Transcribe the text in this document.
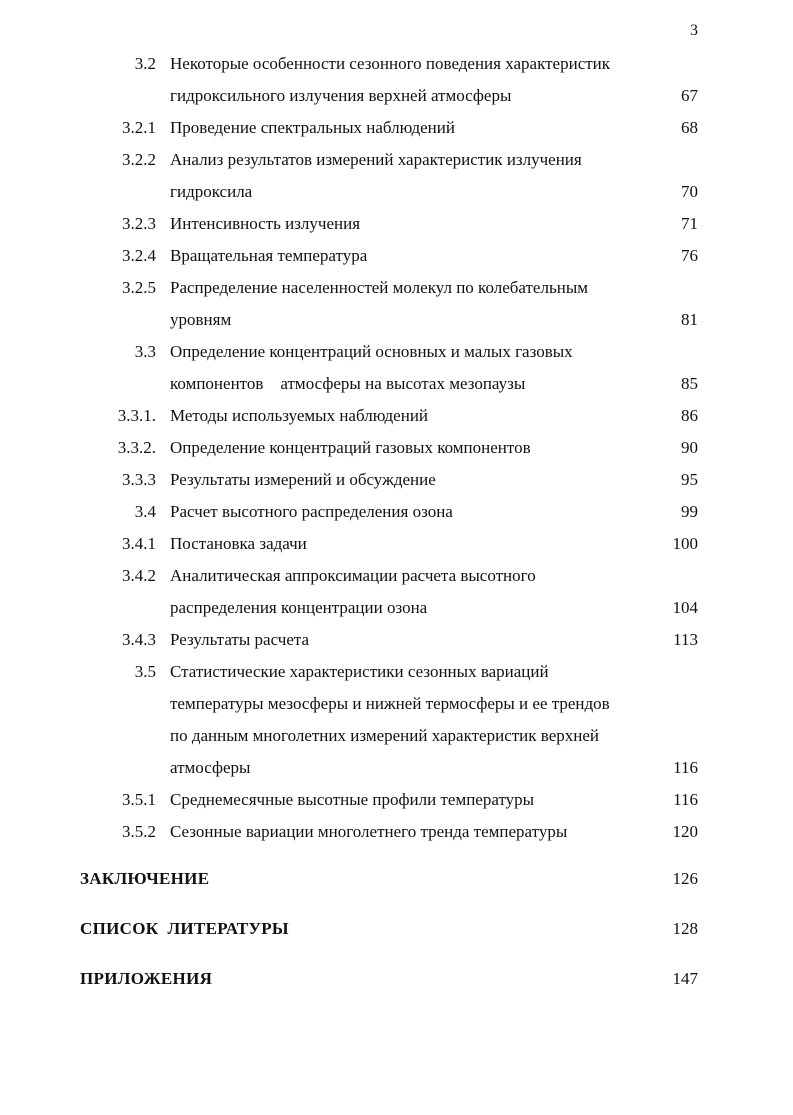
3
3.2 Некоторые особенности сезонного поведения характеристик
гидроксильного излучения верхней атмосферы	67
3.2.1 Проведение спектральных наблюдений	68
3.2.2 Анализ результатов измерений характеристик излучения
гидроксила	70
3.2.3 Интенсивность излучения	71
3.2.4 Вращательная температура	76
3.2.5 Распределение населенностей молекул по колебательным
уровням	81
3.3 Определение концентраций основных и малых газовых
компонентов    атмосферы на высотах мезопаузы	85
3.3.1. Методы используемых наблюдений	86
3.3.2. Определение концентраций газовых компонентов	90
3.3.3 Результаты измерений и обсуждение	95
3.4 Расчет высотного распределения озона	99
3.4.1 Постановка задачи	100
3.4.2 Аналитическая аппроксимации расчета высотного
распределения концентрации озона	104
3.4.3 Результаты расчета	113
3.5 Статистические характеристики сезонных вариаций
температуры мезосферы и нижней термосферы и ее трендов
по данным многолетних измерений характеристик верхней
атмосферы	116
3.5.1 Среднемесячные высотные профили температуры	116
3.5.2 Сезонные вариации многолетнего тренда температуры	120
ЗАКЛЮЧЕНИЕ	126
СПИСОК  ЛИТЕРАТУРЫ	128
ПРИЛОЖЕНИЯ	147
